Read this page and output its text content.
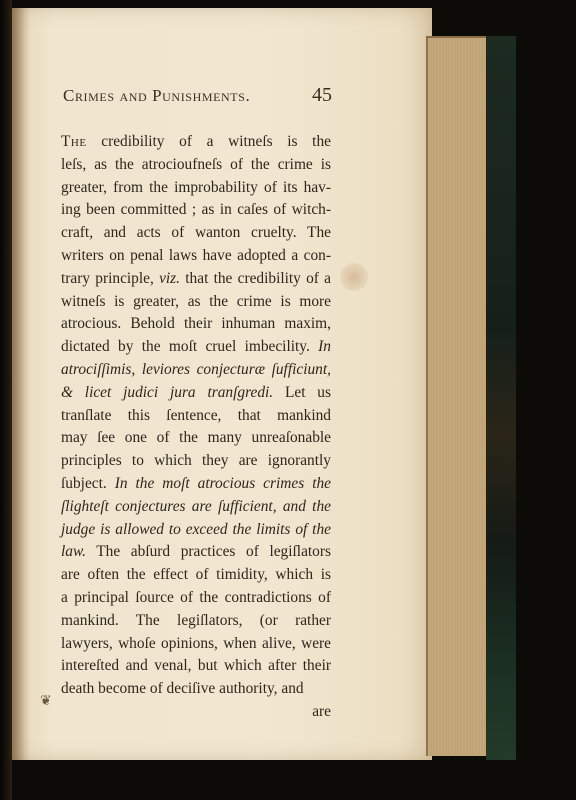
Crimes and Punishments.	45
The credibility of a witneſs is the
leſs, as the atrocioufneſs of the crime is
greater, from the improbability of its hav-
ing been committed ; as in caſes of witch-
craft, and acts of wanton cruelty. The
writers on penal laws have adopted a con-
trary principle, viz. that the credibility of a
witneſs is greater, as the crime is more
atrocious. Behold their inhuman maxim,
dictated by the moſt cruel imbecility. In
atrociſſimis, leviores conjecturæ ſufficiunt,
& licet judici jura tranſgredi. Let us
tranſlate this ſentence, that mankind
may ſee one of the many unreaſonable
principles to which they are ignorantly
ſubject. In the moſt atrocious crimes the
ſlighteſt conjectures are ſufficient, and the
judge is allowed to exceed the limits of the
law. The abſurd practices of legiſlators
are often the effect of timidity, which is
a principal ſource of the contradictions of
mankind. The legiſlators, (or rather
lawyers, whoſe opinions, when alive, were
intereſted and venal, but which after their
death become of deciſive authority, and
are
❦
